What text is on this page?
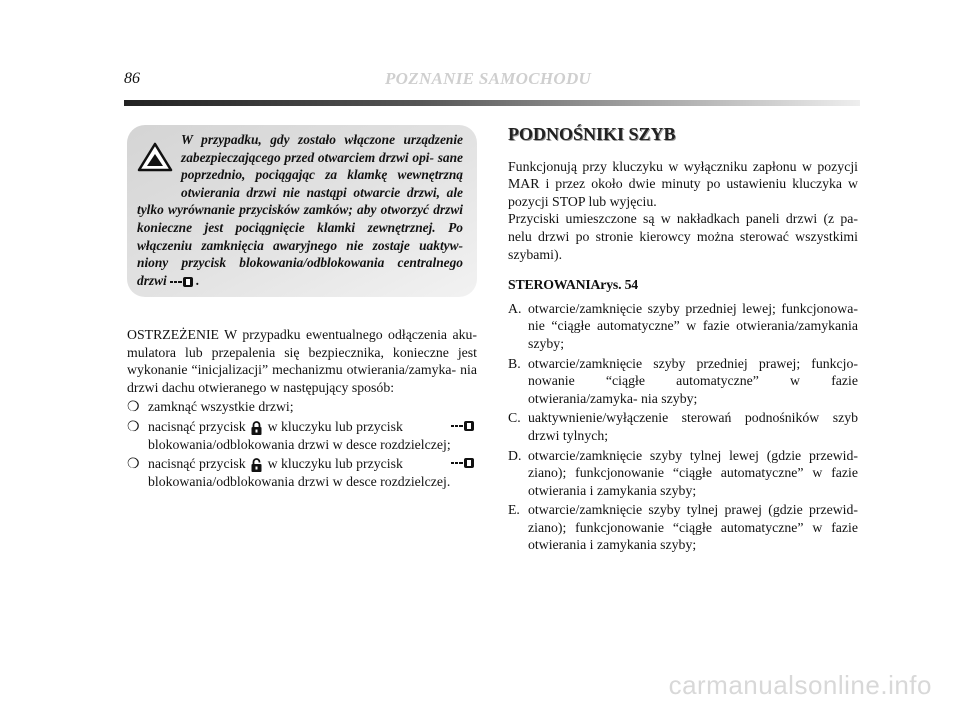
86	POZNANIE SAMOCHODU
W przypadku, gdy zostało włączone urządzenie zabezpieczającego przed otwarciem drzwi opi- sane poprzednio, pociągając za klamkę wewnętrzną otwierania drzwi nie nastąpi otwarcie drzwi, ale tylko wyrównanie przycisków zamków; aby otworzyć drzwi konieczne jest pociągnięcie klamki zewnętrznej. Po włączeniu zamknięcia awaryjnego nie zostaje uaktyw- niony przycisk blokowania/odblokowania centralnego drzwi .

OSTRZEŻENIE W przypadku ewentualnego odłączenia aku- mulatora lub przepalenia się bezpiecznika, konieczne jest wykonanie “inicjalizacji” mechanizmu otwierania/zamyka- nia drzwi dachu otwieranego w następujący sposób:

❍ zamknąć wszystkie drzwi;
❍ nacisnąć przycisk w kluczyku lub przycisk

blokowania/odblokowania drzwi w desce rozdzielczej;
❍ nacisnąć przycisk w kluczyku lub przycisk

blokowania/odblokowania drzwi w desce rozdzielczej.
PODNOŚNIKI SZYB

Funkcjonują przy kluczyku w wyłączniku zapłonu w pozycji MAR i przez około dwie minuty po ustawieniu kluczyka w pozycji STOP lub wyjęciu.

Przyciski umieszczone są w nakładkach paneli drzwi (z pa- nelu drzwi po stronie kierowcy można sterować wszystkimi szybami).

STEROWANIArys. 54

A. otwarcie/zamknięcie szyby przedniej lewej; funkcjonowa- nie “ciągłe automatyczne” w fazie otwierania/zamykania szyby;
B. otwarcie/zamknięcie szyby przedniej prawej; funkcjo- nowanie “ciągłe automatyczne” w fazie otwierania/zamyka- nia szyby;
C. uaktywnienie/wyłączenie sterowań podnośników szyb drzwi tylnych;
D. otwarcie/zamknięcie szyby tylnej lewej (gdzie przewid- ziano); funkcjonowanie “ciągłe automatyczne” w fazie otwierania i zamykania szyby;
E. otwarcie/zamknięcie szyby tylnej prawej (gdzie przewid- ziano); funkcjonowanie “ciągłe automatyczne” w fazie otwierania i zamykania szyby;
carmanualsonline.info
